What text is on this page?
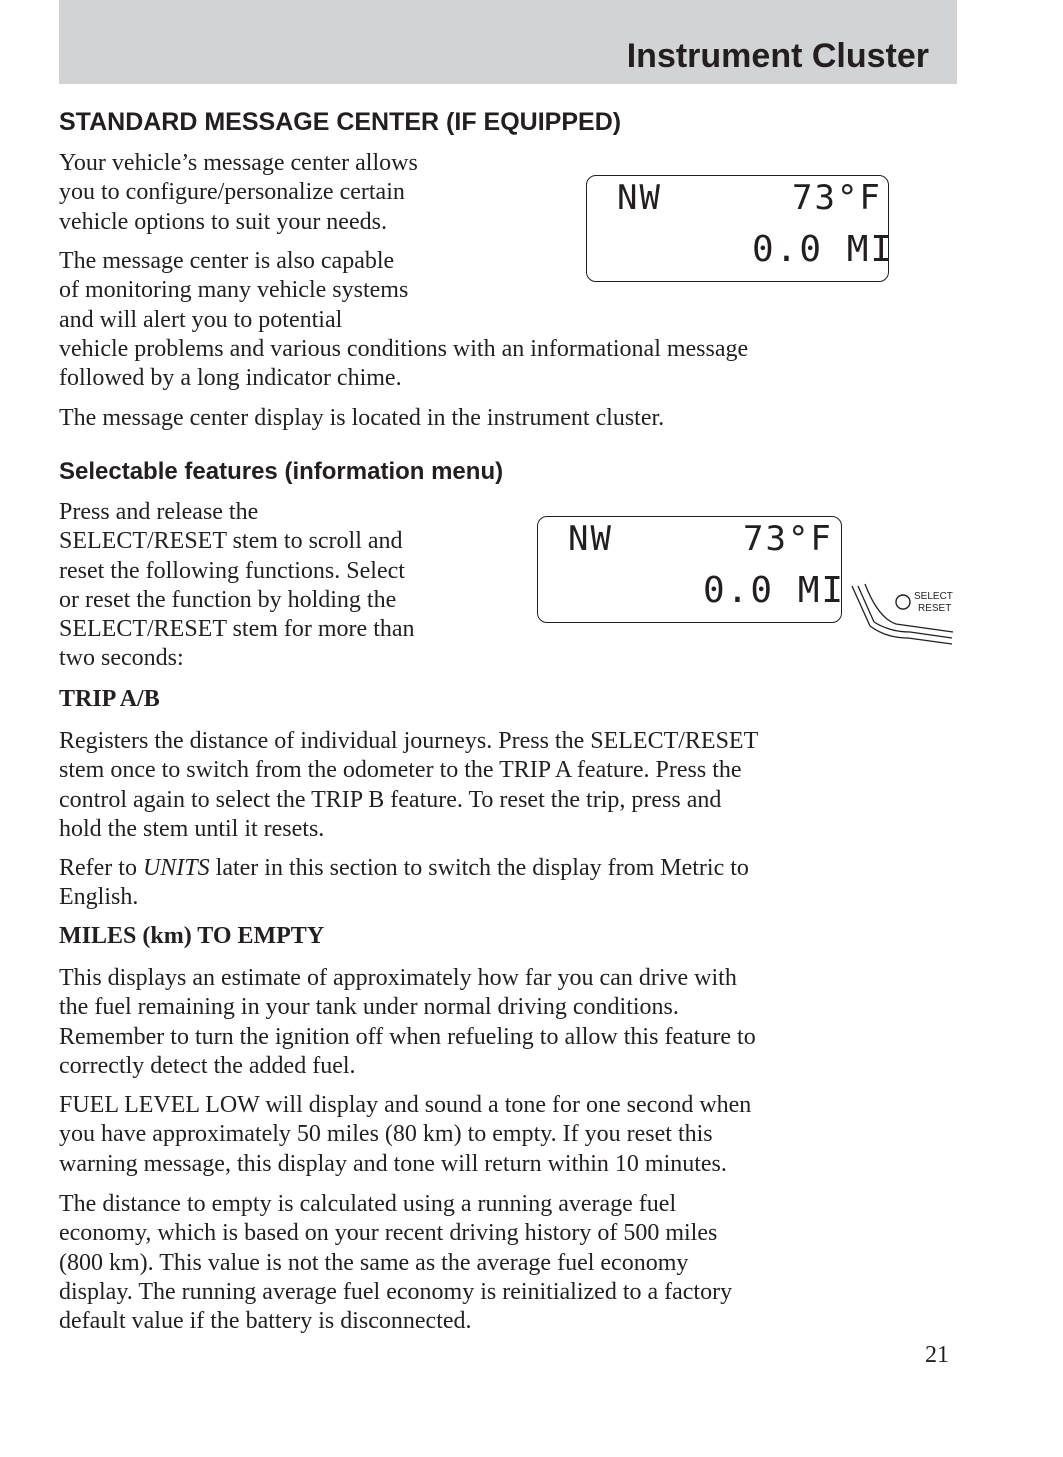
Instrument Cluster
STANDARD MESSAGE CENTER (IF EQUIPPED)

Your vehicle’s message center allows
you to configure/personalize certain
vehicle options to suit your needs.

The message center is also capable
of monitoring many vehicle systems
and will alert you to potential
vehicle problems and various conditions with an informational message
followed by a long indicator chime.

The message center display is located in the instrument cluster.

NW	73°F
0.0 MI
Selectable features (information menu)

Press and release the
SELECT/RESET stem to scroll and
reset the following functions. Select
or reset the function by holding the
SELECT/RESET stem for more than
two seconds:

NW	73°F
0.0 MI	SELECT
RESET
TRIP A/B

Registers the distance of individual journeys. Press the SELECT/RESET
stem once to switch from the odometer to the TRIP A feature. Press the
control again to select the TRIP B feature. To reset the trip, press and
hold the stem until it resets.

Refer to UNITS later in this section to switch the display from Metric to
English.

MILES (km) TO EMPTY

This displays an estimate of approximately how far you can drive with
the fuel remaining in your tank under normal driving conditions.
Remember to turn the ignition off when refueling to allow this feature to
correctly detect the added fuel.

FUEL LEVEL LOW will display and sound a tone for one second when
you have approximately 50 miles (80 km) to empty. If you reset this
warning message, this display and tone will return within 10 minutes.

The distance to empty is calculated using a running average fuel
economy, which is based on your recent driving history of 500 miles
(800 km). This value is not the same as the average fuel economy
display. The running average fuel economy is reinitialized to a factory
default value if the battery is disconnected.

21
